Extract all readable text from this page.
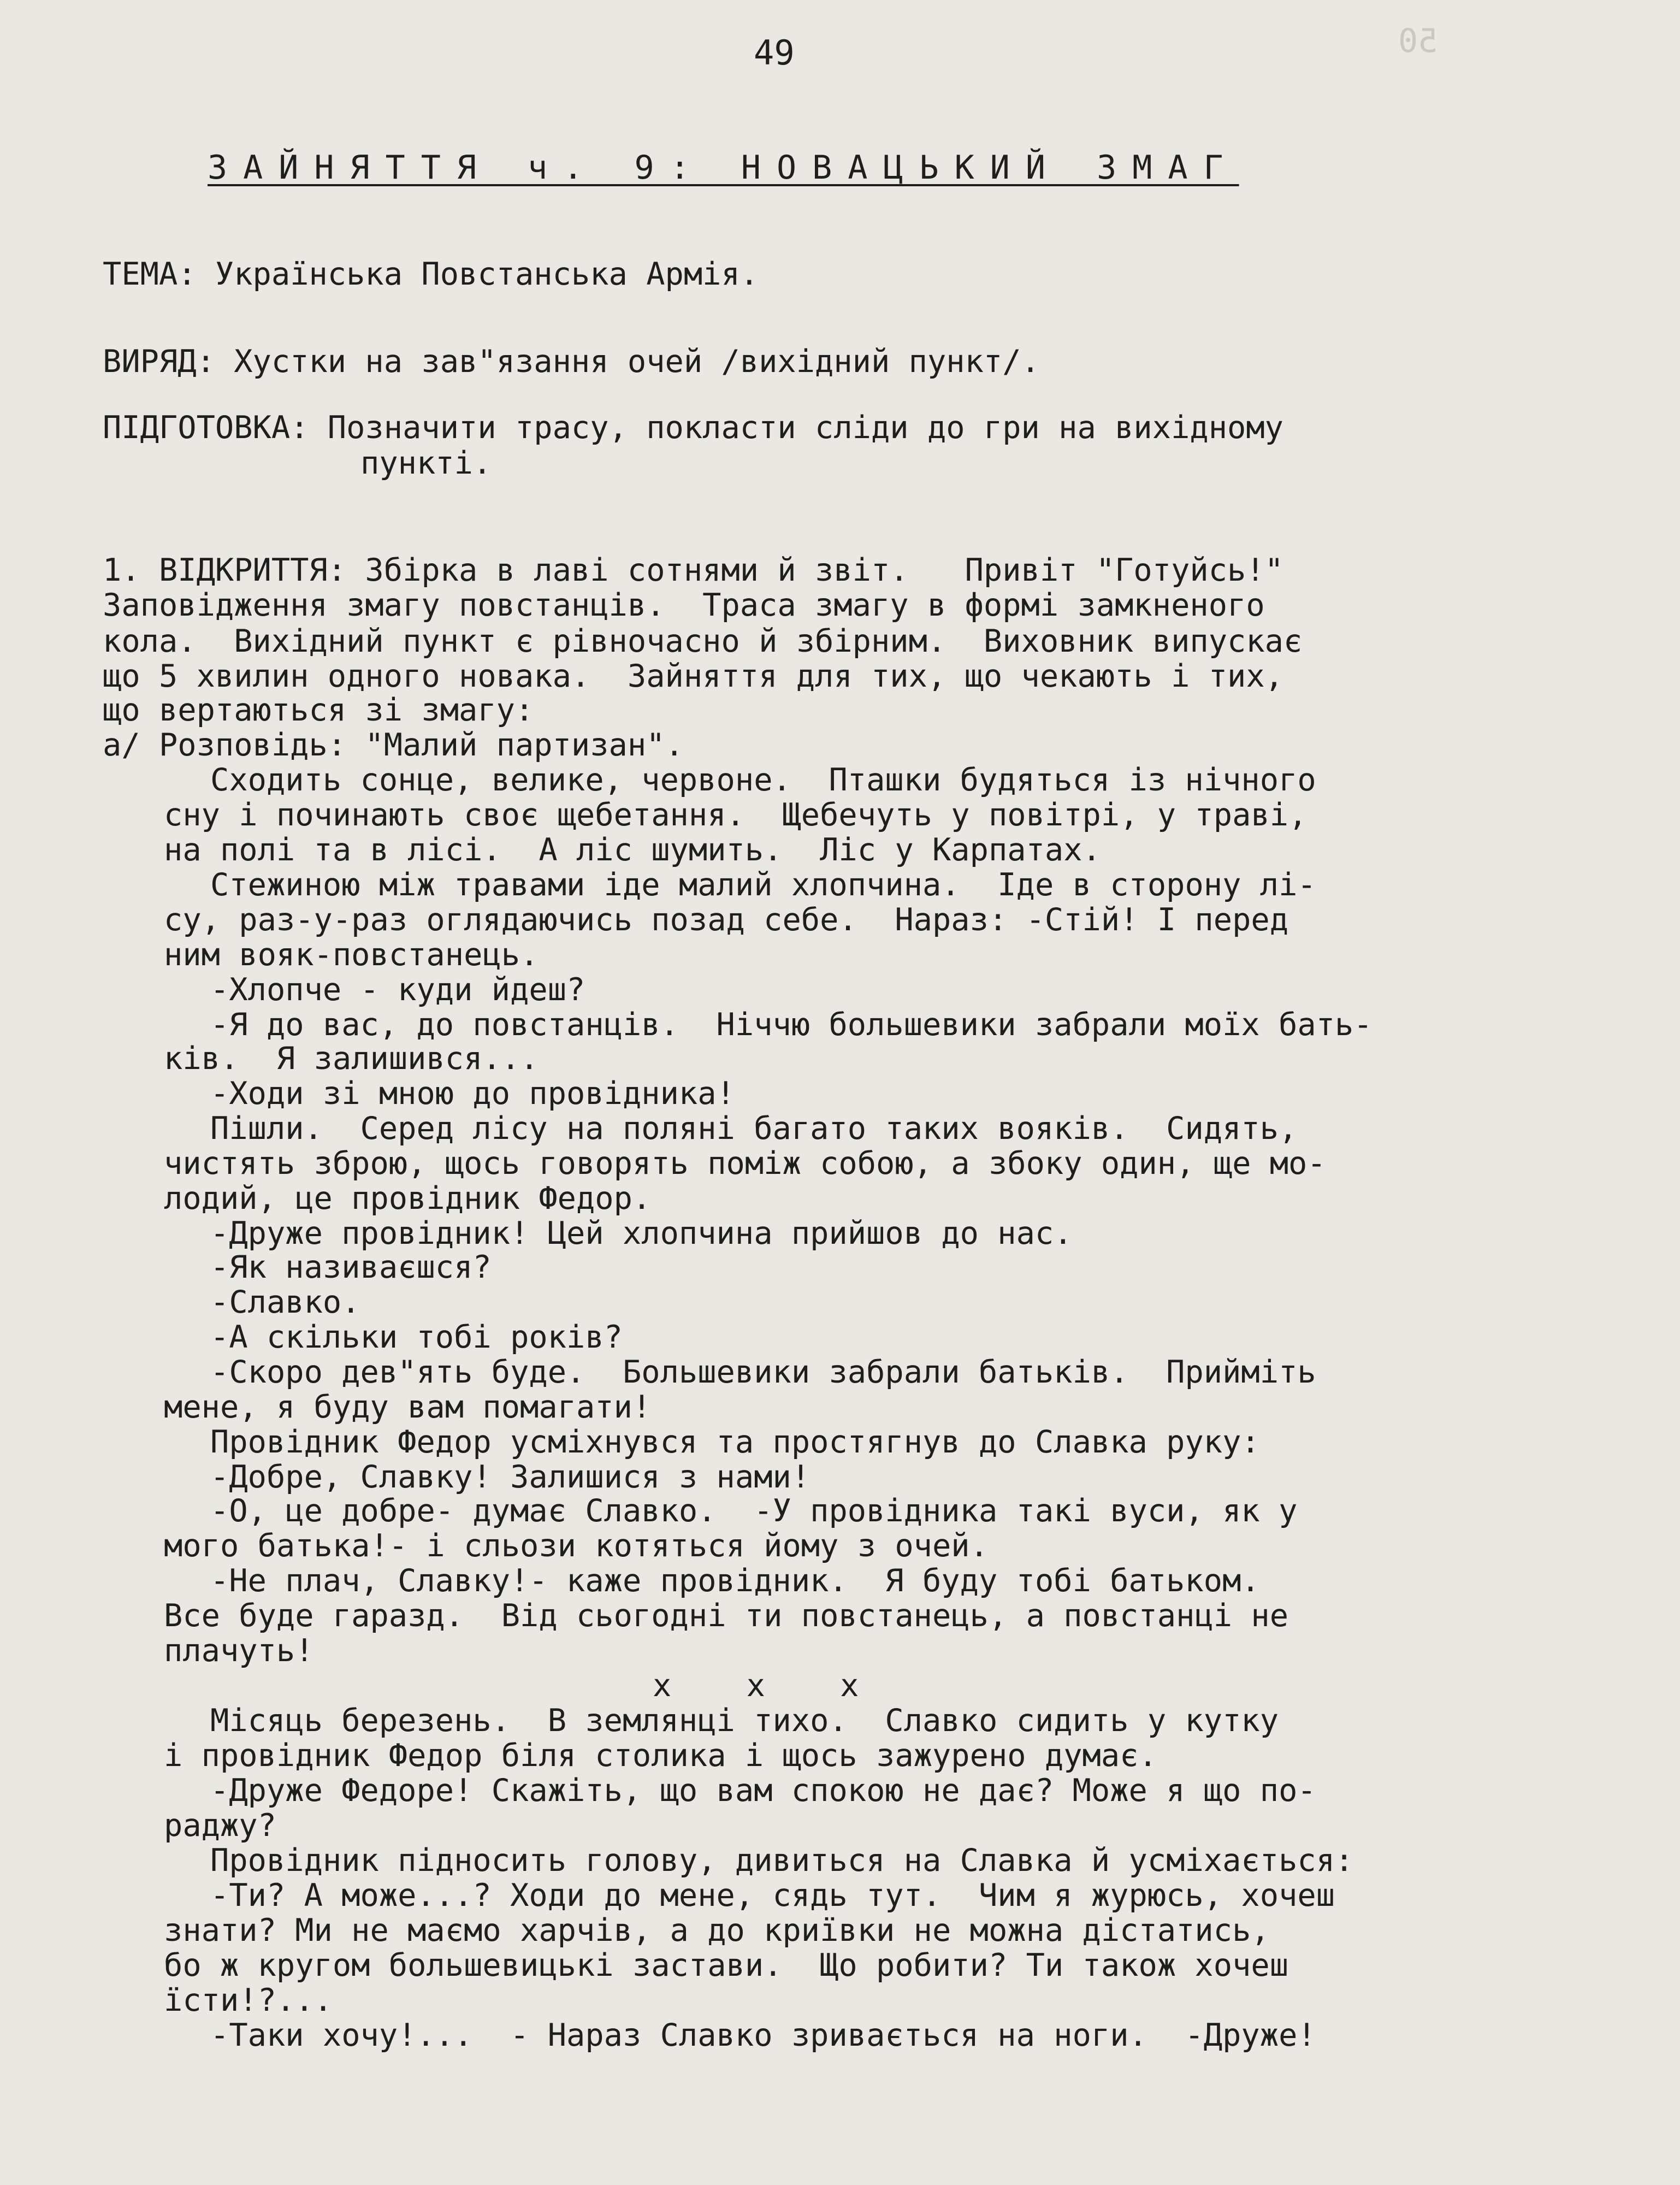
50
49
ЗАЙНЯТТЯ ч. 9: НОВАЦЬКИЙ ЗМАГ
ТЕМА: Українська Повстанська Армія.
ВИРЯД: Хустки на зав"язання очей /вихідний пункт/.
ПІДГОТОВКА: Позначити трасу, покласти сліди до гри на вихідному
пункті.
1. ВІДКРИТТЯ: Збірка в лаві сотнями й звіт.   Привіт "Готуйсь!"
Заповідження змагу повстанців.  Траса змагу в формі замкненого
кола.  Вихідний пункт є рівночасно й збірним.  Виховник випускає
що 5 хвилин одного новака.  Зайняття для тих, що чекають і тих,
що вертаються зі змагу:
а/ Розповідь: "Малий партизан".
Сходить сонце, велике, червоне.  Пташки будяться із нічного
сну і починають своє щебетання.  Щебечуть у повітрі, у траві,
на полі та в лісі.  А ліс шумить.  Ліс у Карпатах.
Стежиною між травами іде малий хлопчина.  Іде в сторону лі-
су, раз-у-раз оглядаючись позад себе.  Нараз: -Стій! І перед
ним вояк-повстанець.
-Хлопче - куди йдеш?
-Я до вас, до повстанців.  Ніччю большевики забрали моїх бать-
ків.  Я залишився...
-Ходи зі мною до провідника!
Пішли.  Серед лісу на поляні багато таких вояків.  Сидять,
чистять зброю, щось говорять поміж собою, а збоку один, ще мо-
лодий, це провідник Федор.
-Друже провідник! Цей хлопчина прийшов до нас.
-Як називаєшся?
-Славко.
-А скільки тобі років?
-Скоро дев"ять буде.  Большевики забрали батьків.  Прийміть
мене, я буду вам помагати!
Провідник Федор усміхнувся та простягнув до Славка руку:
-Добре, Славку! Залишися з нами!
-О, це добре- думає Славко.  -У провідника такі вуси, як у
мого батька!- і сльози котяться йому з очей.
-Не плач, Славку!- каже провідник.  Я буду тобі батьком.
Все буде гаразд.  Від сьогодні ти повстанець, а повстанці не
плачуть!
x    x    x
Місяць березень.  В землянці тихо.  Славко сидить у кутку
і провідник Федор біля столика і щось зажурено думає.
-Друже Федоре! Скажіть, що вам спокою не дає? Може я що по-
раджу?
Провідник підносить голову, дивиться на Славка й усміхається:
-Ти? А може...? Ходи до мене, сядь тут.  Чим я журюсь, хочеш
знати? Ми не маємо харчів, а до криївки не можна дістатись,
бо ж кругом большевицькі застави.  Що робити? Ти також хочеш
їсти!?...
-Таки хочу!...  - Нараз Славко зривається на ноги.  -Друже!
